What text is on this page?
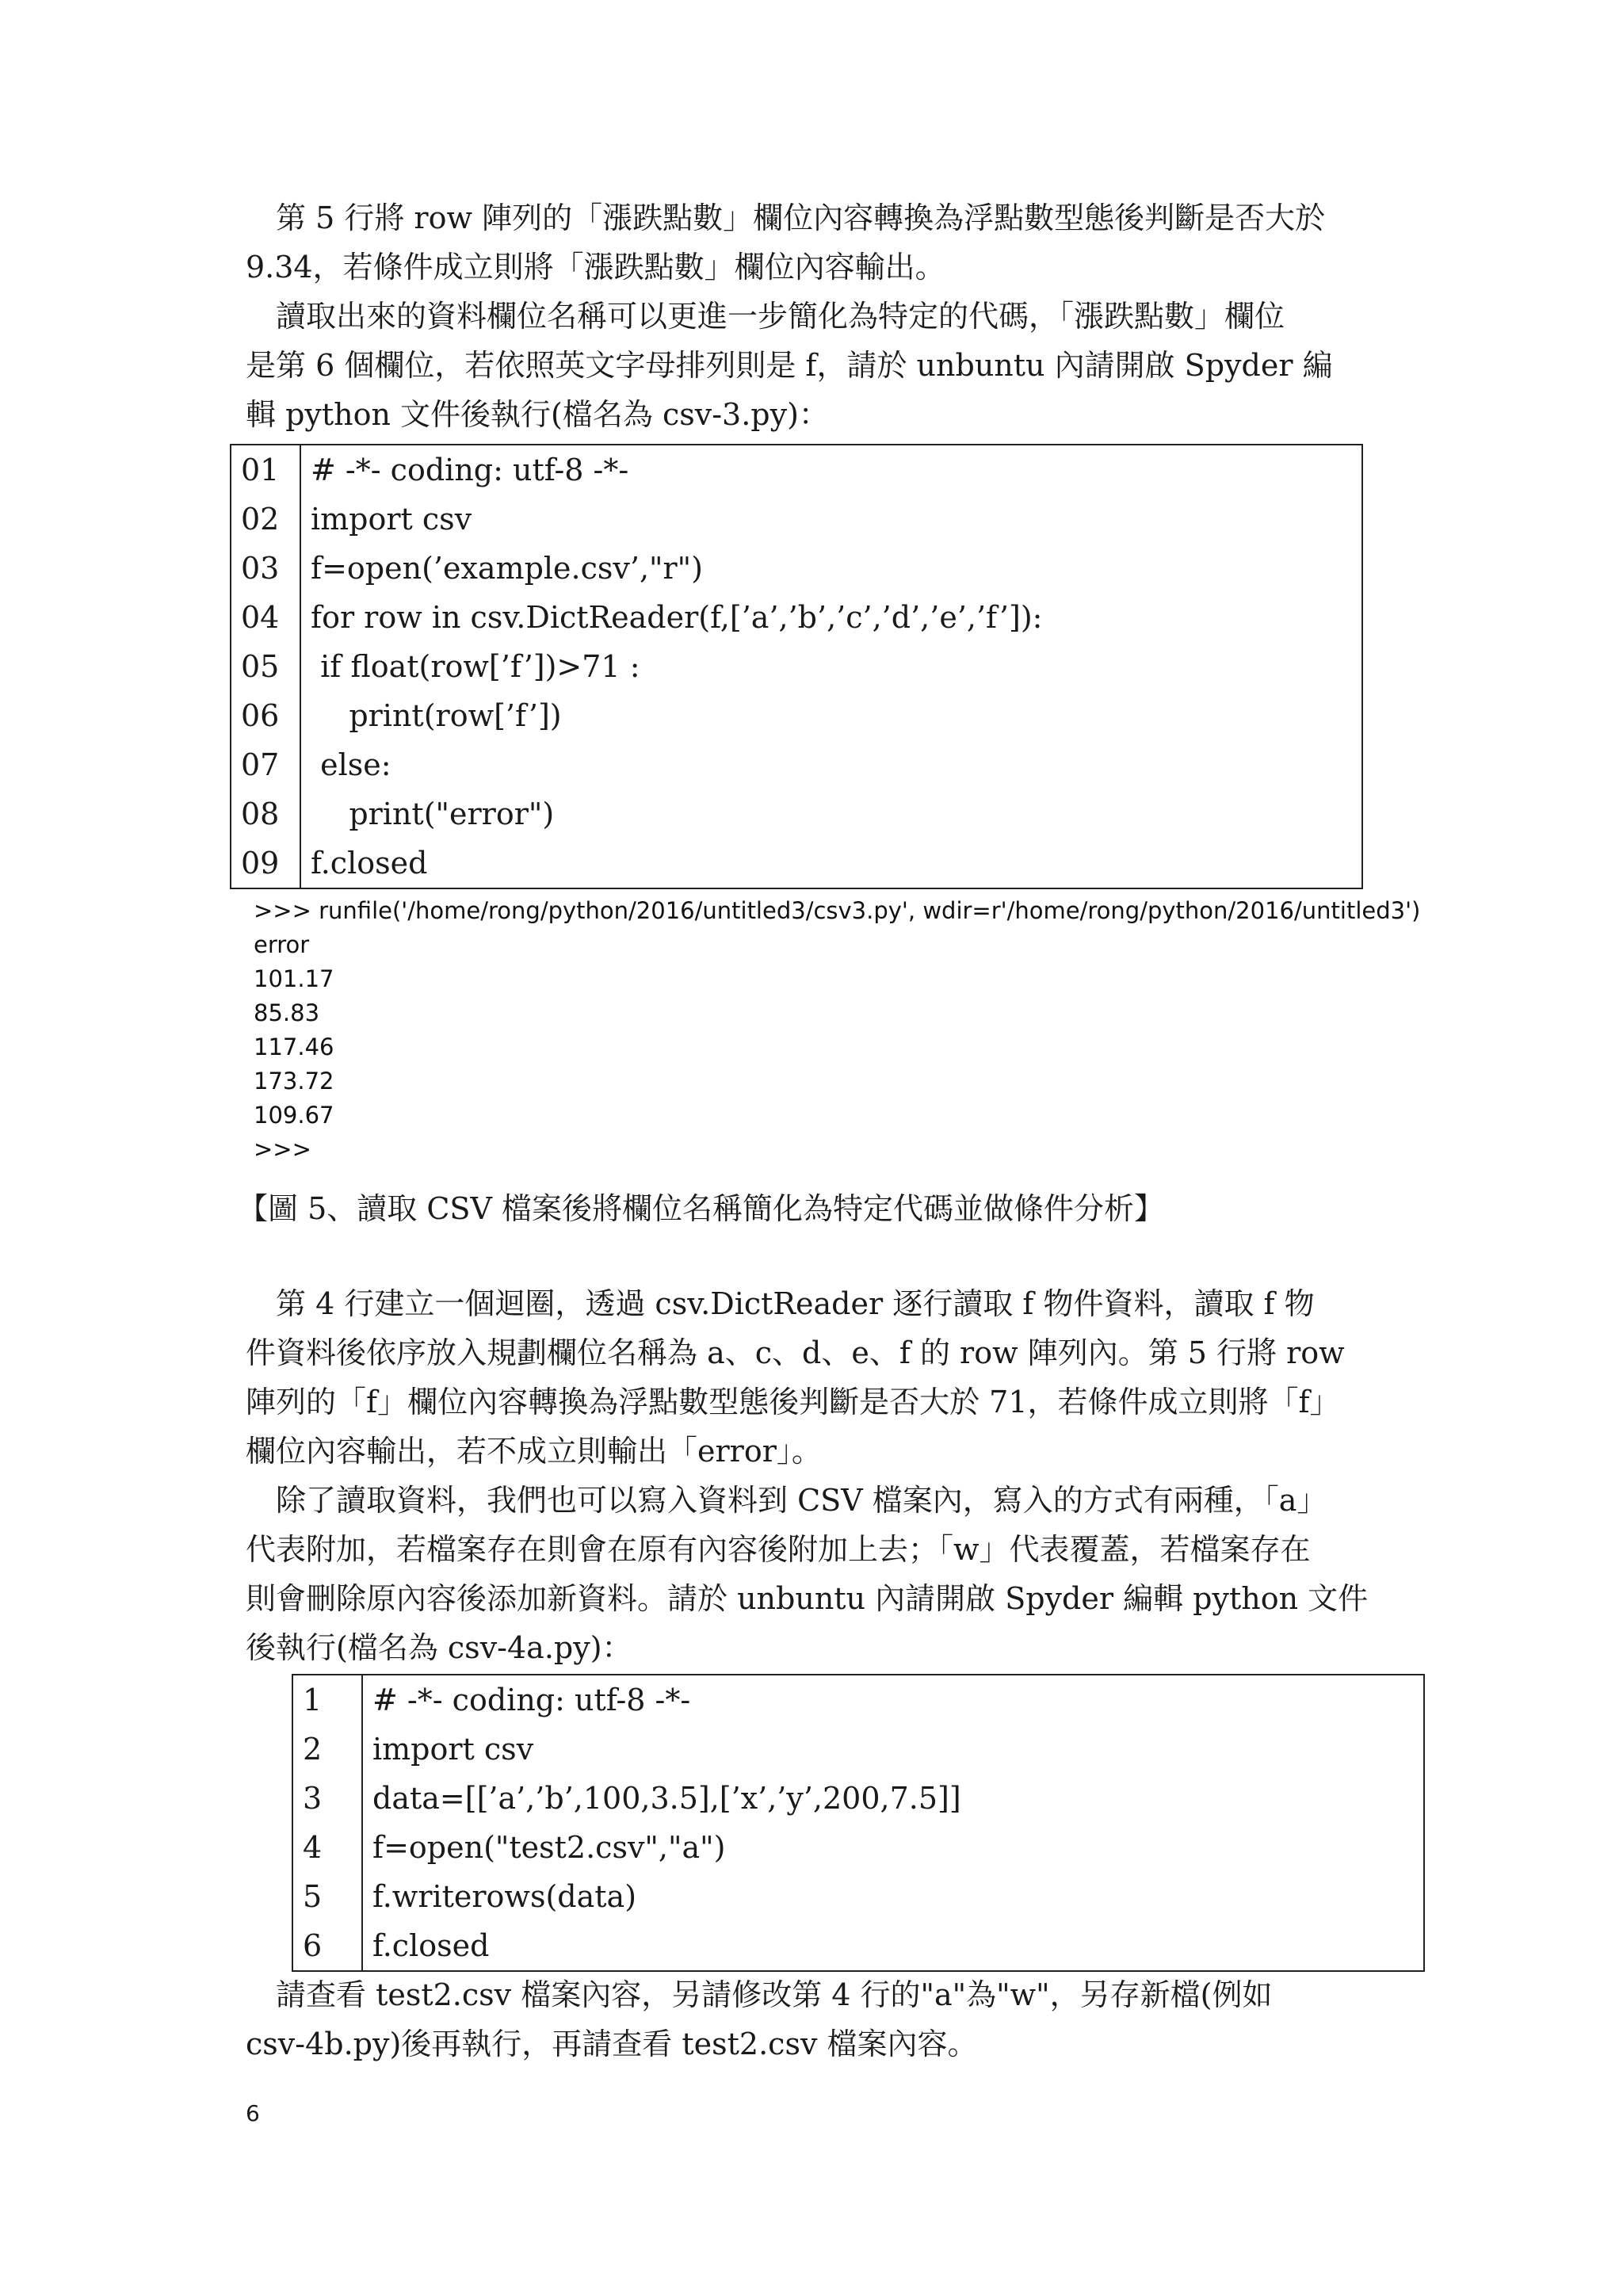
　第 5 行將 row 陣列的「漲跌點數」欄位內容轉換為浮點數型態後判斷是否大於
9.34，若條件成立則將「漲跌點數」欄位內容輸出。
　讀取出來的資料欄位名稱可以更進一步簡化為特定的代碼，「漲跌點數」欄位
是第 6 個欄位，若依照英文字母排列則是 f，請於 unbuntu 內請開啟 Spyder 編
輯 python 文件後執行(檔名為 csv-3.py)：
01	# -*- coding: utf-8 -*-
02	import csv
03	f=open(’example.csv’,"r")
04	for row in csv.DictReader(f,[’a’,’b’,’c’,’d’,’e’,’f’]):
05	if float(row[’f’])>71 :
06	print(row[’f’])
07	else:
08	print("error")
09	f.closed
>>> runfile('/home/rong/python/2016/untitled3/csv3.py', wdir=r'/home/rong/python/2016/untitled3')
error
101.17
85.83
117.46
173.72
109.67
>>>
【圖 5、讀取 CSV 檔案後將欄位名稱簡化為特定代碼並做條件分析】
　第 4 行建立一個迴圈，透過 csv.DictReader 逐行讀取 f 物件資料，讀取 f 物
件資料後依序放入規劃欄位名稱為 a、c、d、e、f 的 row 陣列內。第 5 行將 row
陣列的「f」欄位內容轉換為浮點數型態後判斷是否大於 71，若條件成立則將「f」
欄位內容輸出，若不成立則輸出「error」。
　除了讀取資料，我們也可以寫入資料到 CSV 檔案內，寫入的方式有兩種，「a」
代表附加，若檔案存在則會在原有內容後附加上去；「w」代表覆蓋，若檔案存在
則會刪除原內容後添加新資料。請於 unbuntu 內請開啟 Spyder 編輯 python 文件
後執行(檔名為 csv-4a.py)：
1	# -*- coding: utf-8 -*-
2	import csv
3	data=[[’a’,’b’,100,3.5],[’x’,’y’,200,7.5]]
4	f=open("test2.csv","a")
5	f.writerows(data)
6	f.closed
　請查看 test2.csv 檔案內容，另請修改第 4 行的"a"為"w"，另存新檔(例如
csv-4b.py)後再執行，再請查看 test2.csv 檔案內容。
6
